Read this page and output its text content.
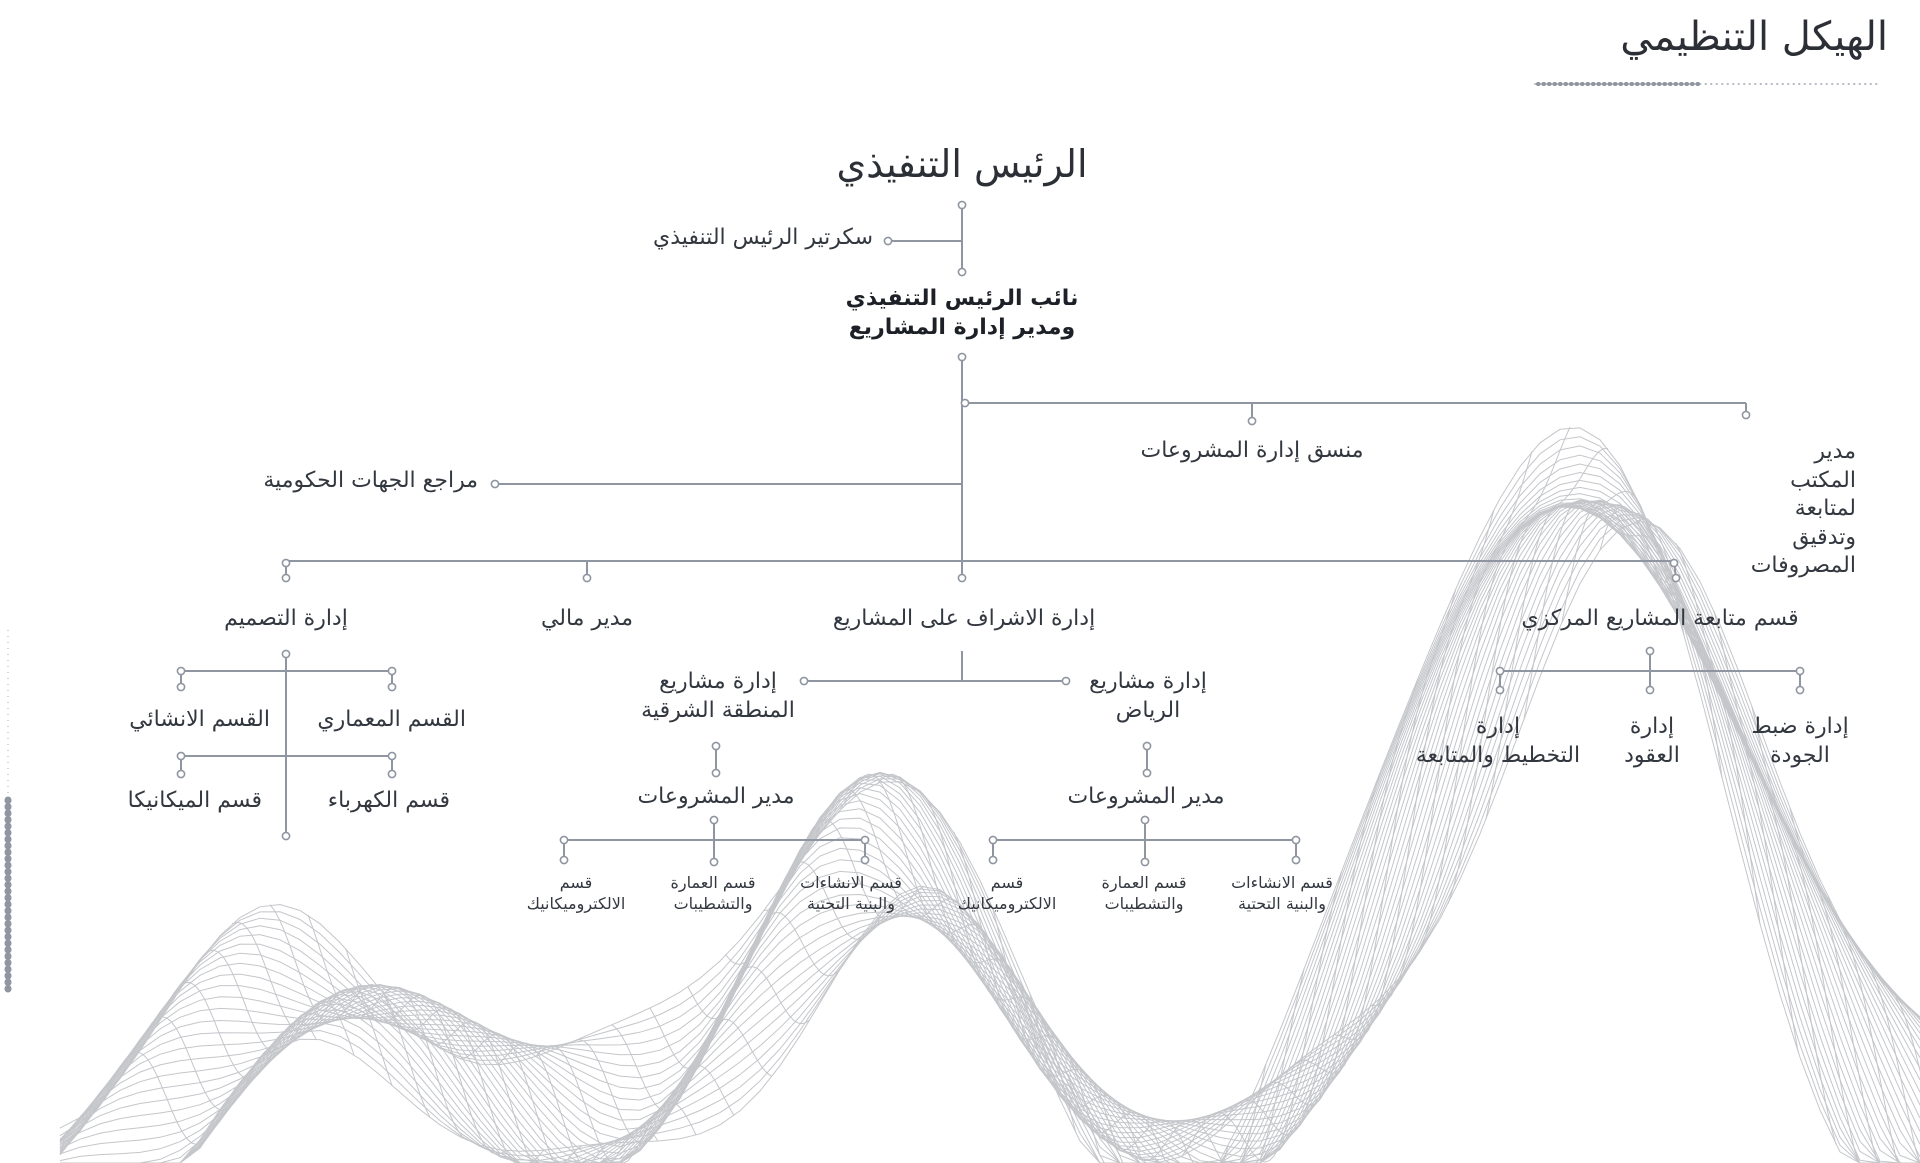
الهيكل التنظيمي
الرئيس التنفيذي
سكرتير الرئيس التنفيذي
نائب الرئيس التنفيذي
ومدير إدارة المشاريع
منسق إدارة المشروعات	مدير المكتب لمتابعة
وتدقيق المصروفات
مراجع الجهات الحكومية
إدارة التصميم	مدير مالي	إدارة الاشراف على المشاريع	قسم متابعة المشاريع المركزي
القسم المعماري
القسم الانشائي
قسم الكهرباء
قسم الميكانيكا
إدارة مشاريع
المنطقة الشرقية
إدارة مشاريع
الرياض
مدير المشروعات	مدير المشروعات
قسم الانشاءات
والبنية التحتية
قسم العمارة
والتشطيبات
قسم
الالكتروميكانيك
قسم الانشاءات
والبنية التحتية
قسم العمارة
والتشطيبات
قسم
الالكتروميكانيك
إدارة ضبط
الجودة
إدارة
العقود
إدارة
التخطيط والمتابعة
